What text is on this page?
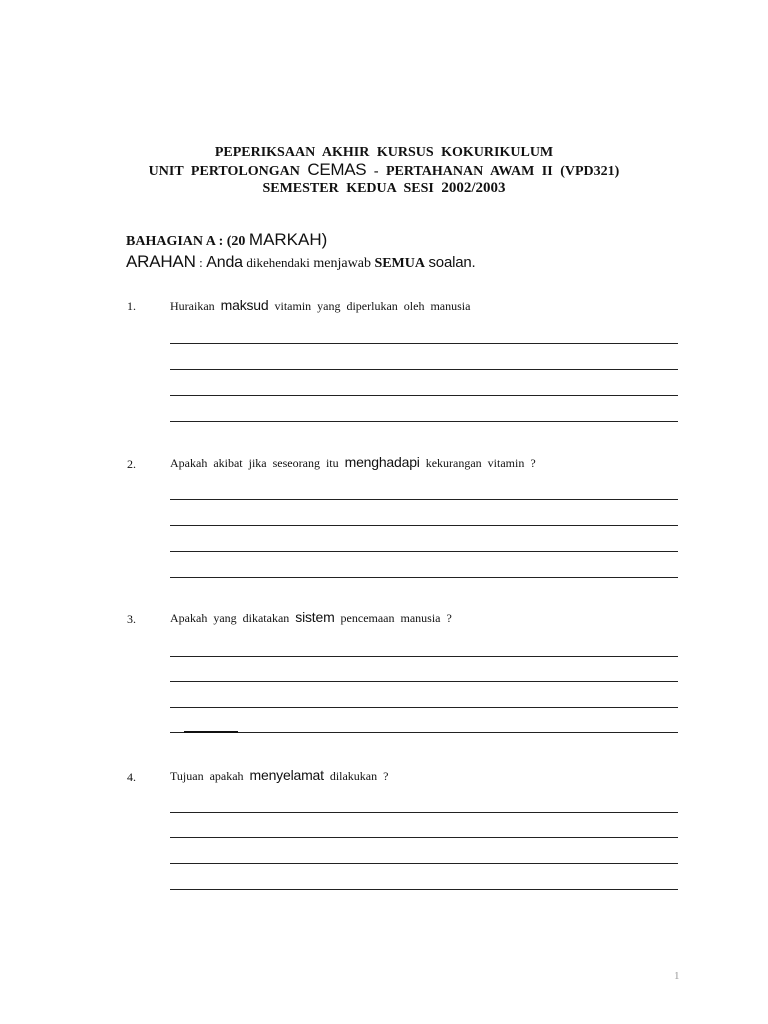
PEPERIKSAAN AKHIR KURSUS KOKURIKULUM
UNIT PERTOLONGAN CEMAS - PERTAHANAN AWAM II (VPD321)
SEMESTER KEDUA SESI 2002/2003
BAHAGIAN A : (20 MARKAH)
ARAHAN : Anda dikehendaki menjawab SEMUA soalan.
1.	Huraikan maksud vitamin yang diperlukan oleh manusia
2.	Apakah akibat jika seseorang itu menghadapi kekurangan vitamin ?
3.	Apakah yang dikatakan sistem pencemaan manusia ?
4.	Tujuan apakah menyelamat dilakukan ?
1
